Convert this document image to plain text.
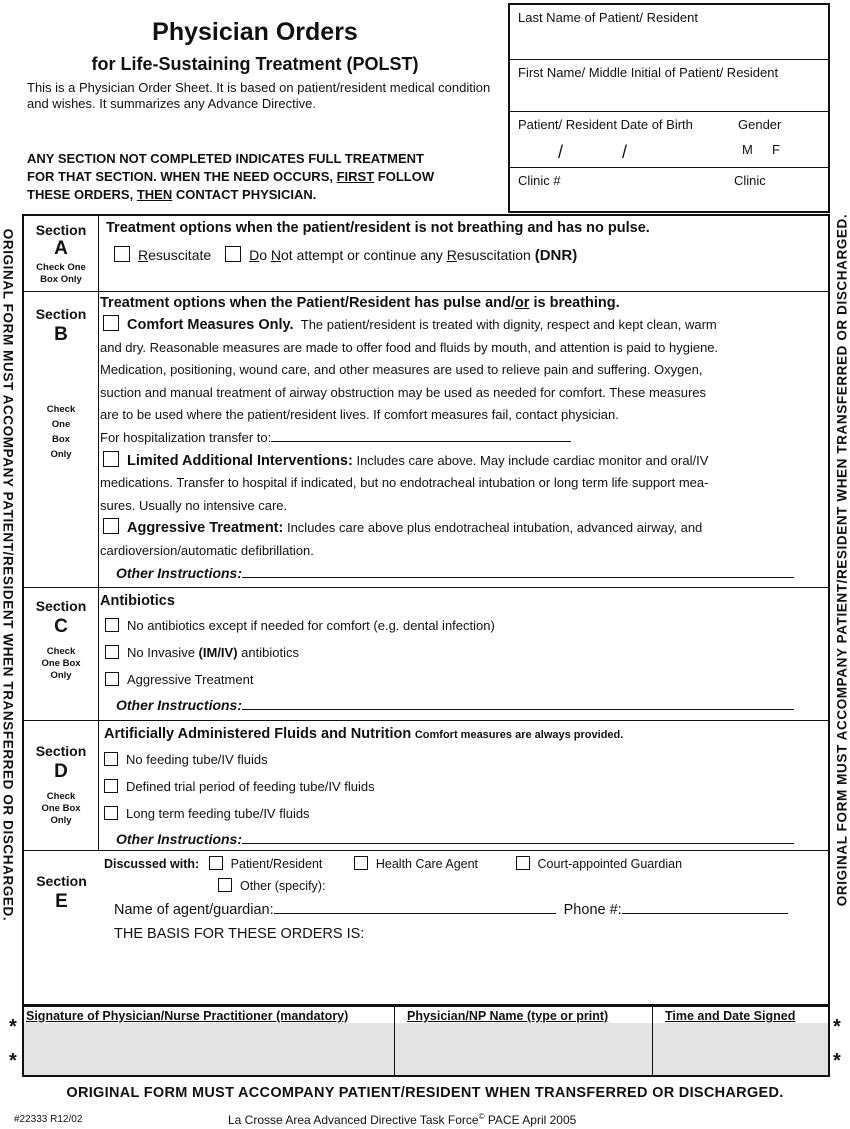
Physician Orders
for Life-Sustaining Treatment (POLST)
This is a Physician Order Sheet. It is based on patient/resident medical condition and wishes. It summarizes any Advance Directive.
ANY SECTION NOT COMPLETED INDICATES FULL TREATMENT
FOR THAT SECTION. WHEN THE NEED OCCURS, FIRST FOLLOW
THESE ORDERS, THEN CONTACT PHYSICIAN.
Last Name of Patient/ Resident
First Name/ Middle Initial of Patient/ Resident
Patient/ Resident Date of Birth	Gender
/	/	M F
Clinic #	Clinic
ORIGINAL FORM MUST ACCOMPANY PATIENT/RESIDENT WHEN TRANSFERRED OR DISCHARGED.	ORIGINAL FORM MUST ACCOMPANY PATIENT/RESIDENT WHEN TRANSFERRED OR DISCHARGED.
Section
A
Check One
Box Only
Treatment options when the patient/resident is not breathing and has no pulse.
Resuscitate	Do Not attempt or continue any Resuscitation (DNR)
Section
B
Check
One
Box
Only
Treatment options when the Patient/Resident has pulse and/or is breathing.
Comfort Measures Only. The patient/resident is treated with dignity, respect and kept clean, warm
and dry. Reasonable measures are made to offer food and fluids by mouth, and attention is paid to hygiene.
Medication, positioning, wound care, and other measures are used to relieve pain and suffering. Oxygen,
suction and manual treatment of airway obstruction may be used as needed for comfort. These measures
are to be used where the patient/resident lives. If comfort measures fail, contact physician.
For hospitalization transfer to:
Limited Additional Interventions: Includes care above. May include cardiac monitor and oral/IV
medications. Transfer to hospital if indicated, but no endotracheal intubation or long term life support mea-
sures. Usually no intensive care.
Aggressive Treatment: Includes care above plus endotracheal intubation, advanced airway, and
cardioversion/automatic defibrillation.
Other Instructions:
Section
C
Check
One Box
Only
Antibiotics
No antibiotics except if needed for comfort (e.g. dental infection)
No Invasive (IM/IV) antibiotics
Aggressive Treatment
Other Instructions:
Section
D
Check
One Box
Only
Artificially Administered Fluids and Nutrition Comfort measures are always provided.
No feeding tube/IV fluids
Defined trial period of feeding tube/IV fluids
Long term feeding tube/IV fluids
Other Instructions:
Section
E
Discussed with:	Patient/Resident	Health Care Agent	Court-appointed Guardian
Other (specify):
Name of agent/guardian:	Phone #:
THE BASIS FOR THESE ORDERS IS:
*
*
*
*
Signature of Physician/Nurse Practitioner (mandatory)	Physician/NP Name (type or print)	Time and Date Signed
ORIGINAL FORM MUST ACCOMPANY PATIENT/RESIDENT WHEN TRANSFERRED OR DISCHARGED.
#22333 R12/02	La Crosse Area Advanced Directive Task Force© PACE April 2005
